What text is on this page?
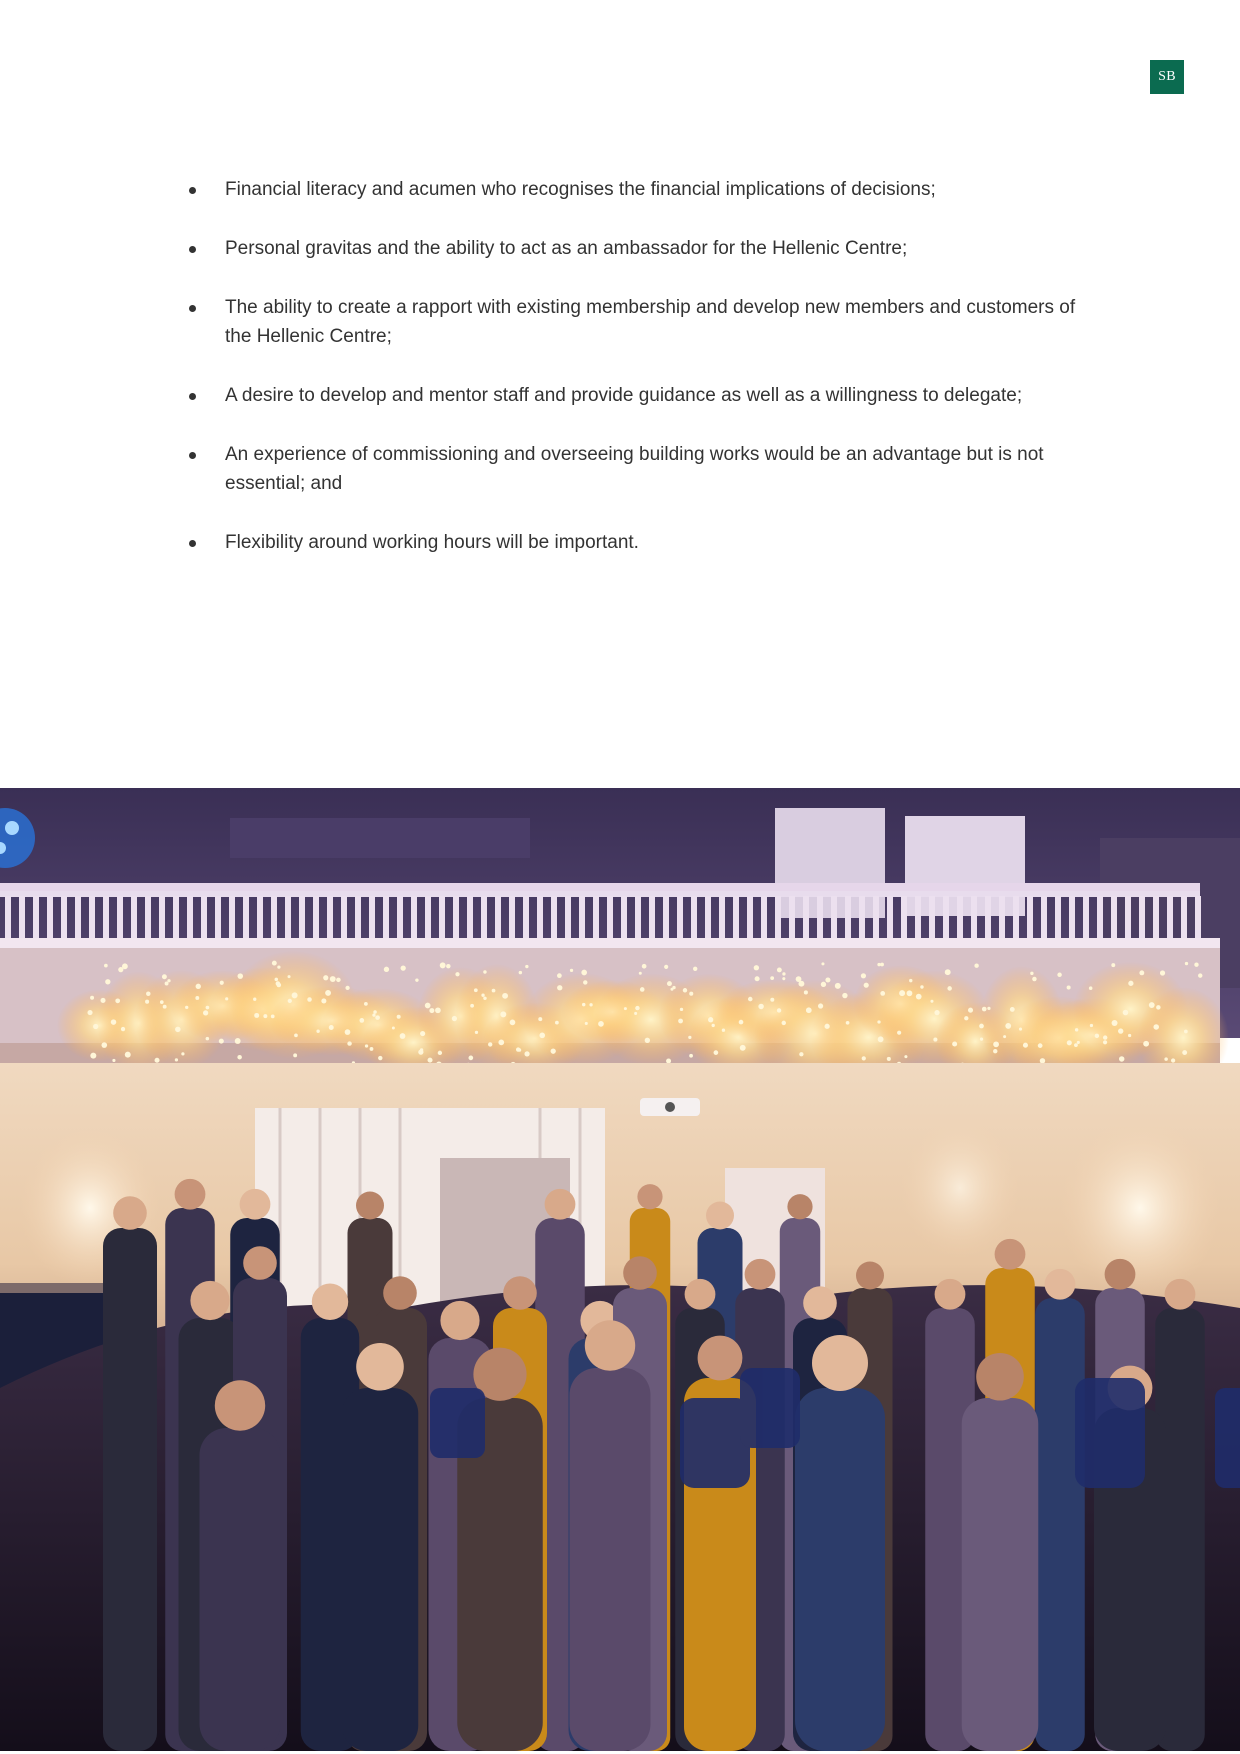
SB
Financial literacy and acumen who recognises the financial implications of decisions;
Personal gravitas and the ability to act as an ambassador for the Hellenic Centre;
The ability to create a rapport with existing membership and develop new members and customers of the Hellenic Centre;
A desire to develop and mentor staff and provide guidance as well as a willingness to delegate;
An experience of commissioning and overseeing building works would be an advantage but is not essential; and
Flexibility around working hours will be important.
